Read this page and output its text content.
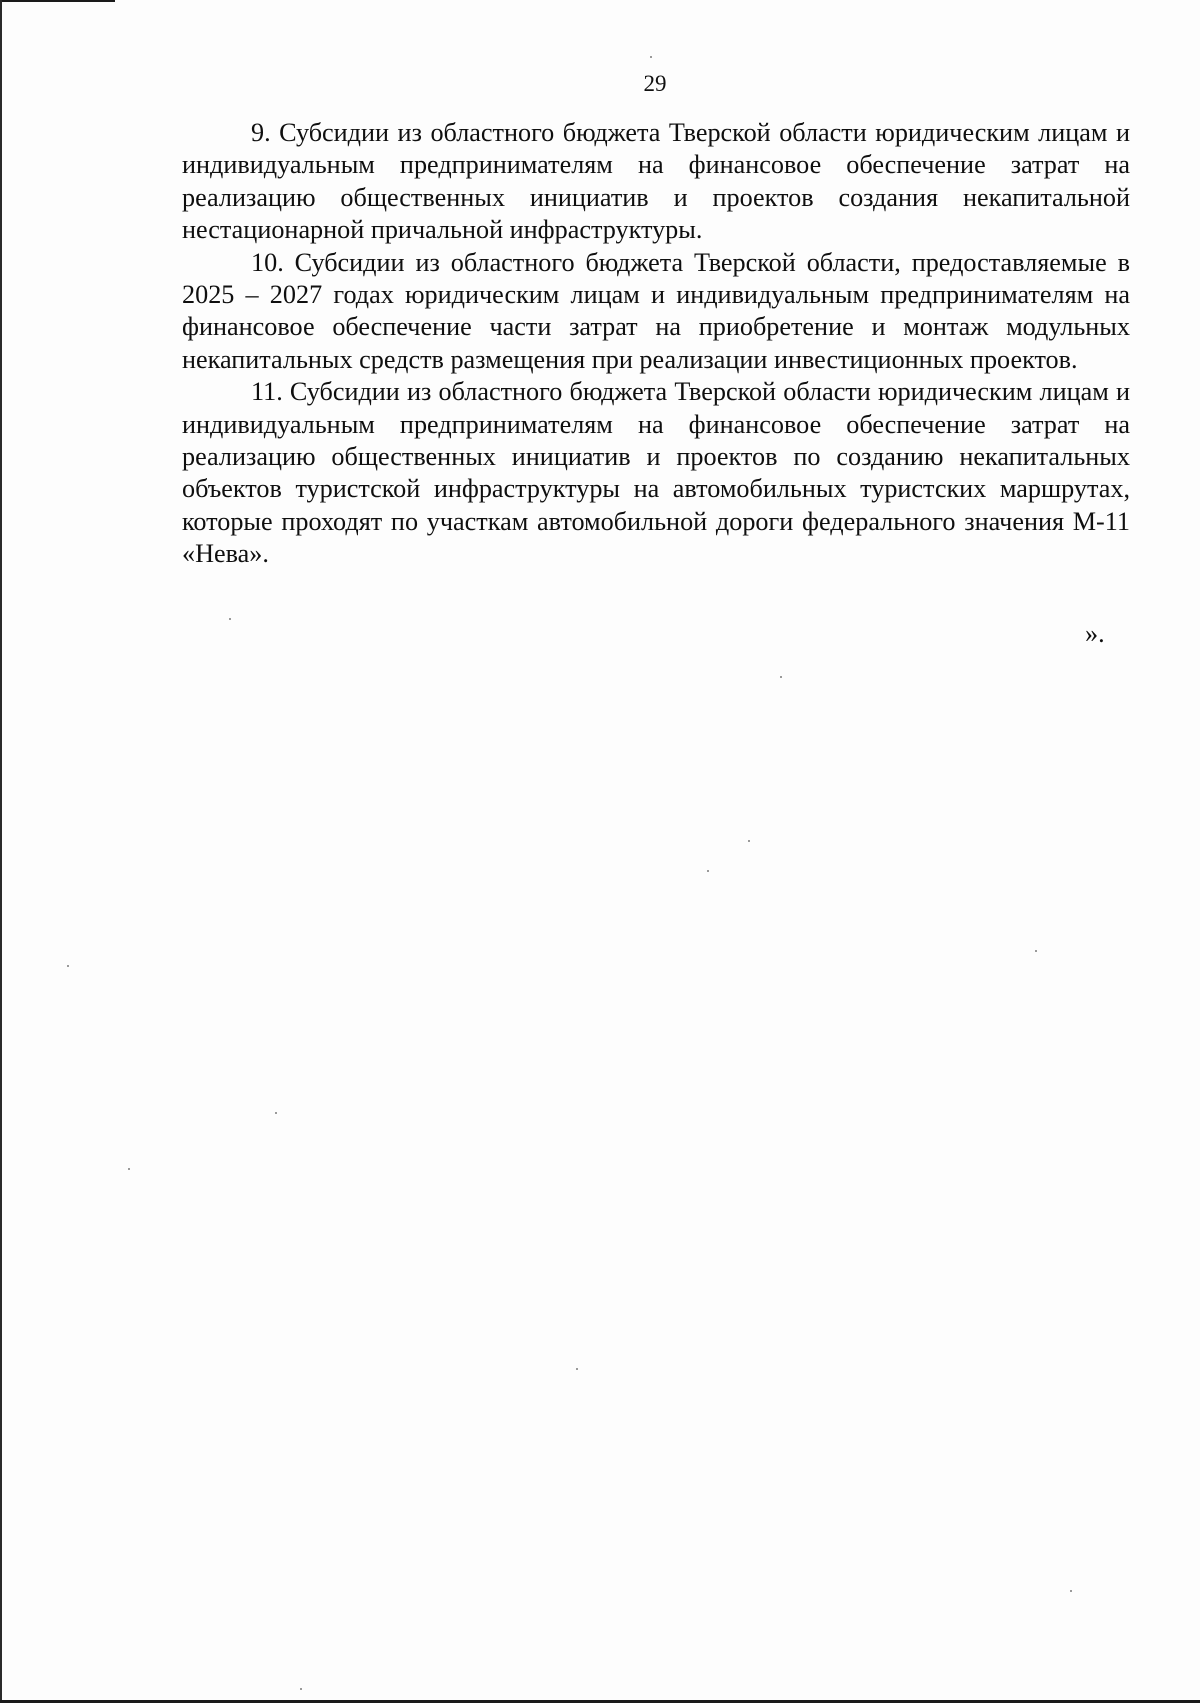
29

9. Субсидии из областного бюджета Тверской области юридическим лицам и индивидуальным предпринимателям на финансовое обеспечение затрат на реализацию общественных инициатив и проектов создания некапитальной нестационарной причальной инфраструктуры.

10. Субсидии из областного бюджета Тверской области, предоставляемые в 2025 – 2027 годах юридическим лицам и индивидуальным предпринимателям на финансовое обеспечение части затрат на приобретение и монтаж модульных некапитальных средств размещения при реализации инвестиционных проектов.

11. Субсидии из областного бюджета Тверской области юридическим лицам и индивидуальным предпринимателям на финансовое обеспечение затрат на реализацию общественных инициатив и проектов по созданию некапитальных объектов туристской инфраструктуры на автомобильных туристских маршрутах, которые проходят по участкам автомобильной дороги федерального значения М-11 «Нева».

».
